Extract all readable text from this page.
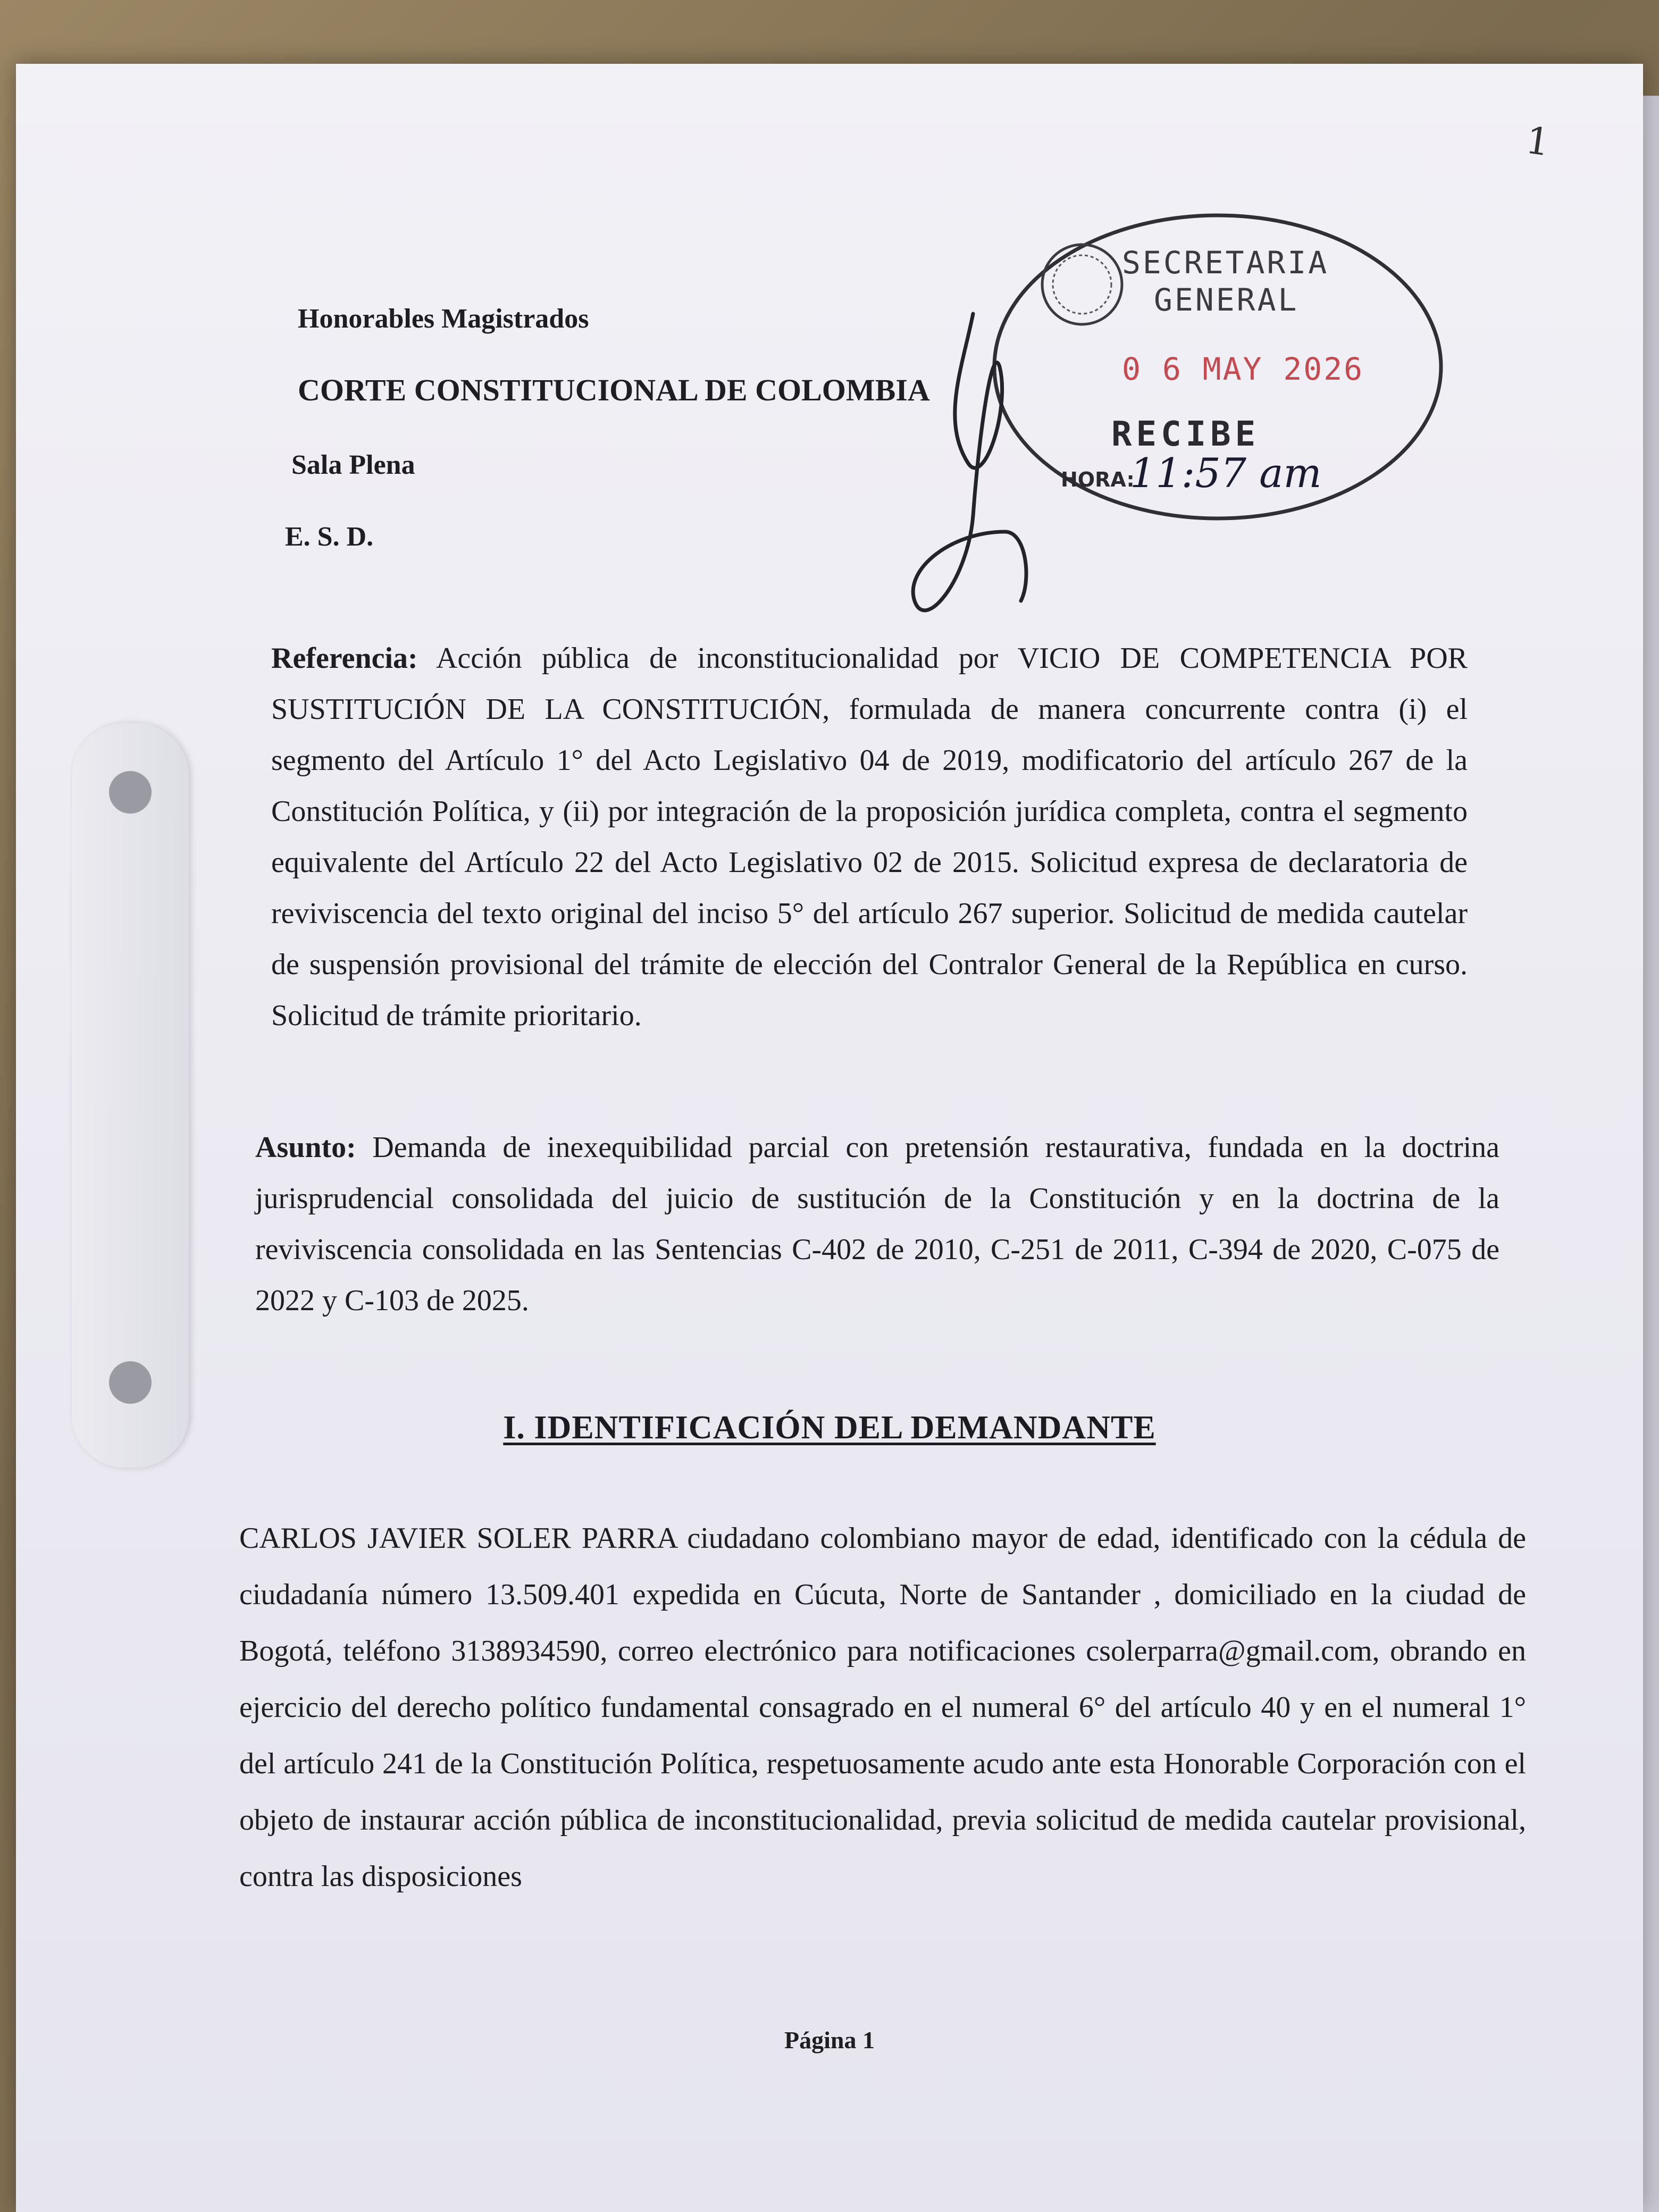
1
Honorables Magistrados
CORTE CONSTITUCIONAL DE COLOMBIA
Sala Plena
E. S. D.
SECRETARIA
GENERAL
0 6 MAY 2026
RECIBE
HORA:
11:57 am
Referencia: Acción pública de inconstitucionalidad por VICIO DE COMPETENCIA POR SUSTITUCIÓN DE LA CONSTITUCIÓN, formulada de manera concurrente contra (i) el segmento del Artículo 1° del Acto Legislativo 04 de 2019, modificatorio del artículo 267 de la Constitución Política, y (ii) por integración de la proposición jurídica completa, contra el segmento equivalente del Artículo 22 del Acto Legislativo 02 de 2015. Solicitud expresa de declaratoria de reviviscencia del texto original del inciso 5° del artículo 267 superior. Solicitud de medida cautelar de suspensión provisional del trámite de elección del Contralor General de la República en curso. Solicitud de trámite prioritario.
Asunto: Demanda de inexequibilidad parcial con pretensión restaurativa, fundada en la doctrina jurisprudencial consolidada del juicio de sustitución de la Constitución y en la doctrina de la reviviscencia consolidada en las Sentencias C-402 de 2010, C-251 de 2011, C-394 de 2020, C-075 de 2022 y C-103 de 2025.
I. IDENTIFICACIÓN DEL DEMANDANTE
CARLOS JAVIER SOLER PARRA ciudadano colombiano mayor de edad, identificado con la cédula de ciudadanía número 13.509.401 expedida en Cúcuta, Norte de Santander , domiciliado en la ciudad de Bogotá, teléfono 3138934590, correo electrónico para notificaciones csolerparra@gmail.com, obrando en ejercicio del derecho político fundamental consagrado en el numeral 6° del artículo 40 y en el numeral 1° del artículo 241 de la Constitución Política, respetuosamente acudo ante esta Honorable Corporación con el objeto de instaurar acción pública de inconstitucionalidad, previa solicitud de medida cautelar provisional, contra las disposiciones
Página 1
